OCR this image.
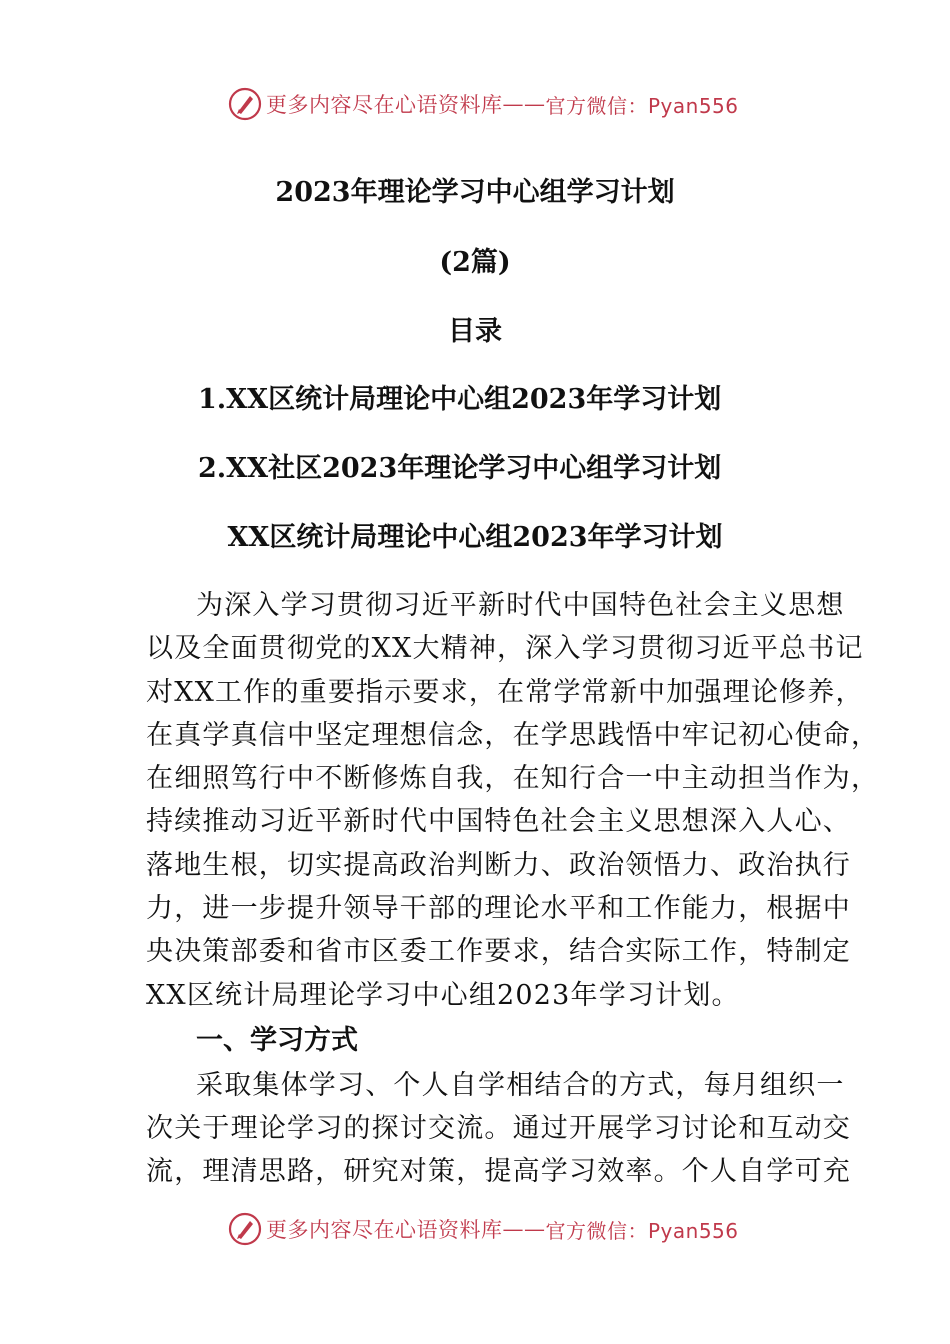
更多内容尽在心语资料库 —— 官方微信：Pyan556
2023年理论学习中心组学习计划
(2篇)
目录
1.XX区统计局理论中心组2023年学习计划
2.XX社区2023年理论学习中心组学习计划
XX区统计局理论中心组2023年学习计划
为深入学习贯彻习近平新时代中国特色社会主义思想
以及全面贯彻党的XX大精神，深入学习贯彻习近平总书记
对XX工作的重要指示要求，在常学常新中加强理论修养，
在真学真信中坚定理想信念，在学思践悟中牢记初心使命，
在细照笃行中不断修炼自我，在知行合一中主动担当作为，
持续推动习近平新时代中国特色社会主义思想深入人心、
落地生根，切实提高政治判断力、政治领悟力、政治执行
力，进一步提升领导干部的理论水平和工作能力，根据中
央决策部委和省市区委工作要求，结合实际工作，特制定
XX区统计局理论学习中心组2023年学习计划。
一、学习方式
采取集体学习、个人自学相结合的方式，每月组织一
次关于理论学习的探讨交流。通过开展学习讨论和互动交
流，理清思路，研究对策，提高学习效率。个人自学可充
更多内容尽在心语资料库 —— 官方微信：Pyan556
